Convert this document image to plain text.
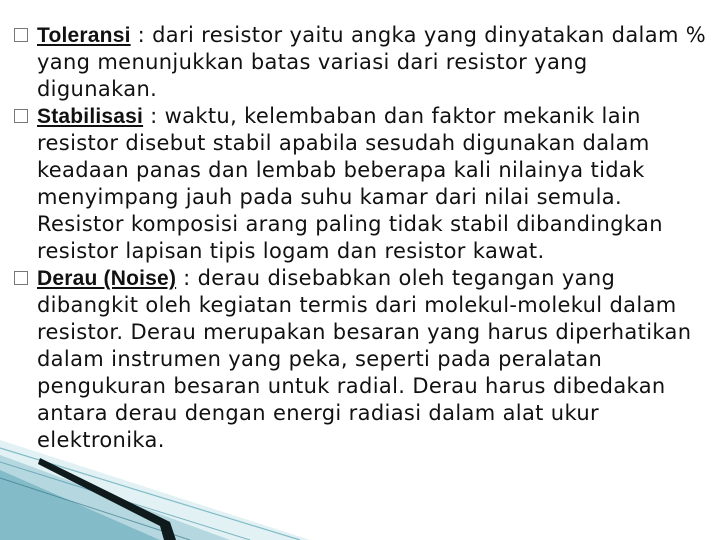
Toleransi : dari resistor yaitu angka yang dinyatakan dalam % yang menunjukkan batas variasi dari resistor yang digunakan.

Stabilisasi : waktu, kelembaban dan faktor mekanik lain resistor disebut stabil apabila sesudah digunakan dalam keadaan panas dan lembab beberapa kali nilainya tidak menyimpang jauh pada suhu kamar dari nilai semula. Resistor komposisi arang paling tidak stabil dibandingkan resistor lapisan tipis logam dan resistor kawat.

Derau (Noise) : derau disebabkan oleh tegangan yang dibangkit oleh kegiatan termis dari molekul-molekul dalam resistor. Derau merupakan besaran yang harus diperhatikan dalam instrumen yang peka, seperti pada peralatan pengukuran besaran untuk radial. Derau harus dibedakan antara derau dengan energi radiasi dalam alat ukur elektronika.
